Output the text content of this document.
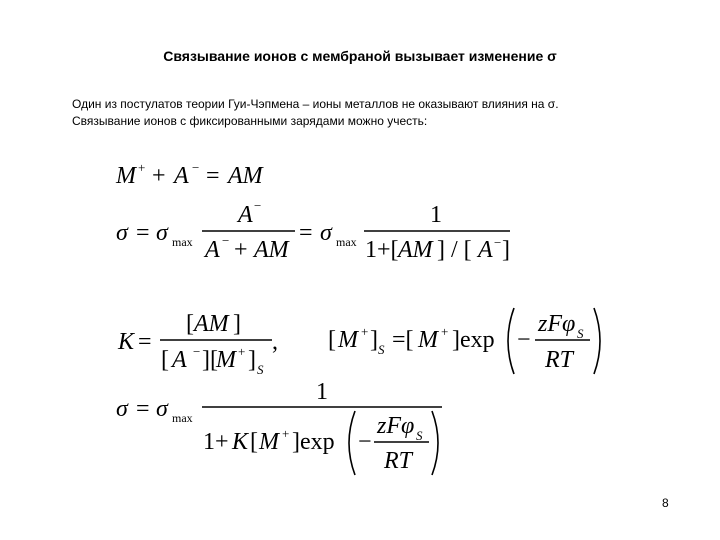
Связывание ионов с мембраной вызывает изменение σ
Один из постулатов теории Гуи-Чэпмена – ионы металлов не оказывают влияния на σ.
Связывание ионов с фиксированными зарядами можно учесть:
M + + A − = AM
σ = σ max
A −
A − + AM
= σ max
1
1+[ AM ] / [ A − ]
K =
[ AM ]
[ A − ][
M + ] S
, [ M + ] S =[ M + ]exp −
zFφ S
RT
σ = σ max
1
1+ K [ M + ]exp −
zFφ S
RT
8
